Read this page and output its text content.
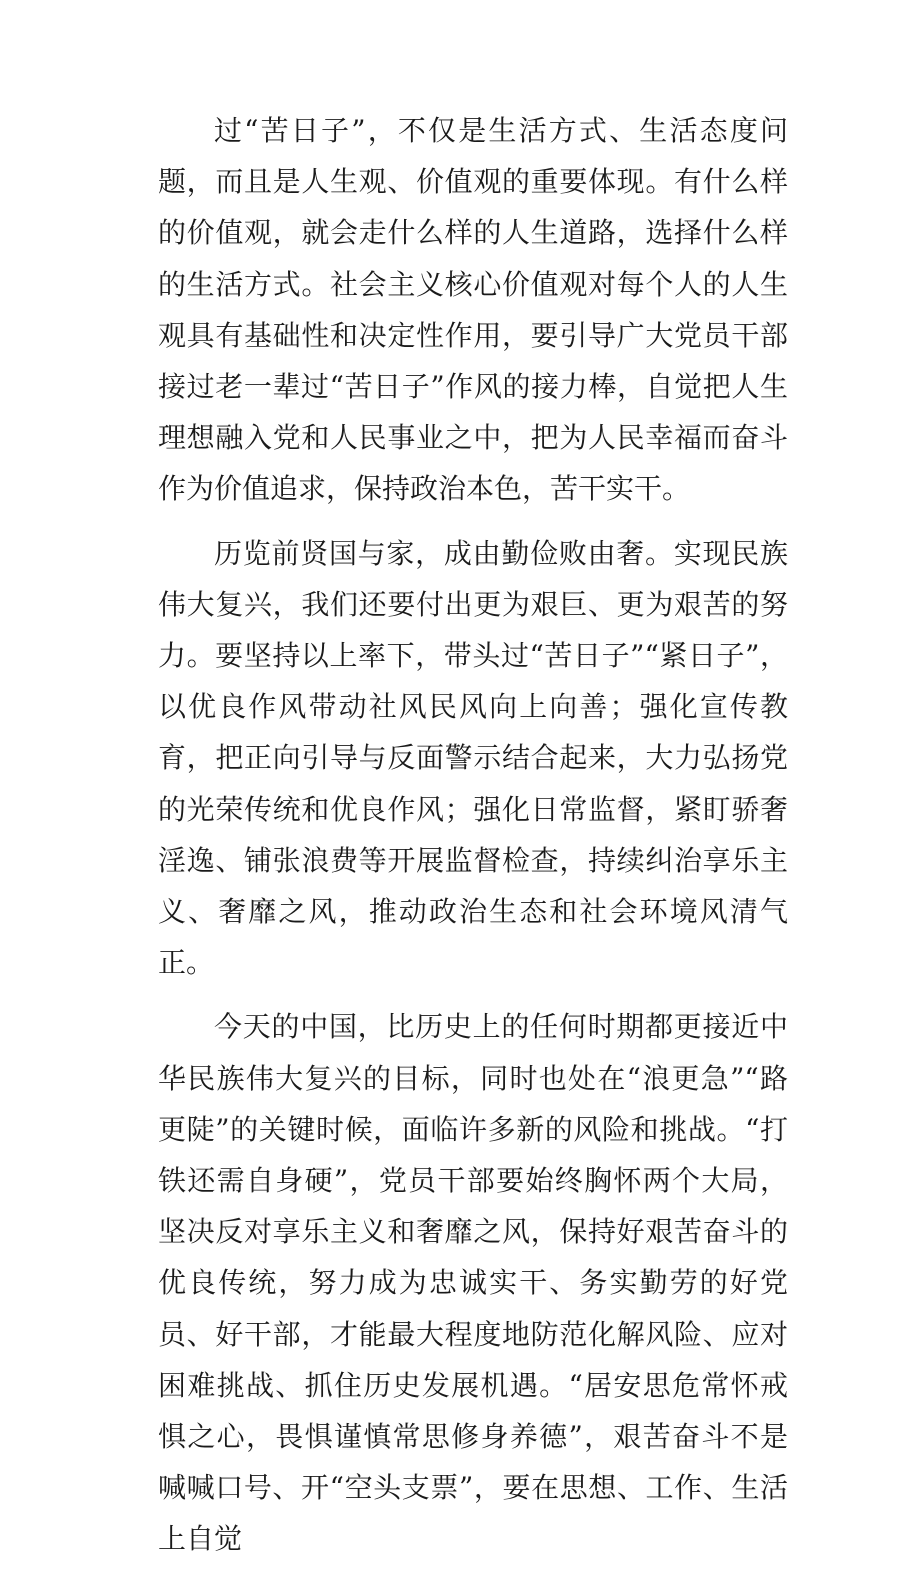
过“苦日子”，不仅是生活方式、生活态度问题，而且是人生观、价值观的重要体现。有什么样的价值观，就会走什么样的人生道路，选择什么样的生活方式。社会主义核心价值观对每个人的人生观具有基础性和决定性作用，要引导广大党员干部接过老一辈过“苦日子”作风的接力棒，自觉把人生理想融入党和人民事业之中，把为人民幸福而奋斗作为价值追求，保持政治本色，苦干实干。

历览前贤国与家，成由勤俭败由奢。实现民族伟大复兴，我们还要付出更为艰巨、更为艰苦的努力。要坚持以上率下，带头过“苦日子”“紧日子”，以优良作风带动社风民风向上向善；强化宣传教育，把正向引导与反面警示结合起来，大力弘扬党的光荣传统和优良作风；强化日常监督，紧盯骄奢淫逸、铺张浪费等开展监督检查，持续纠治享乐主义、奢靡之风，推动政治生态和社会环境风清气正。

今天的中国，比历史上的任何时期都更接近中华民族伟大复兴的目标，同时也处在“浪更急”“路更陡”的关键时候，面临许多新的风险和挑战。“打铁还需自身硬”，党员干部要始终胸怀两个大局，坚决反对享乐主义和奢靡之风，保持好艰苦奋斗的优良传统，努力成为忠诚实干、务实勤劳的好党员、好干部，才能最大程度地防范化解风险、应对困难挑战、抓住历史发展机遇。“居安思危常怀戒惧之心，畏惧谨慎常思修身养德”，艰苦奋斗不是喊喊口号、开“空头支票”，要在思想、工作、生活上自觉
